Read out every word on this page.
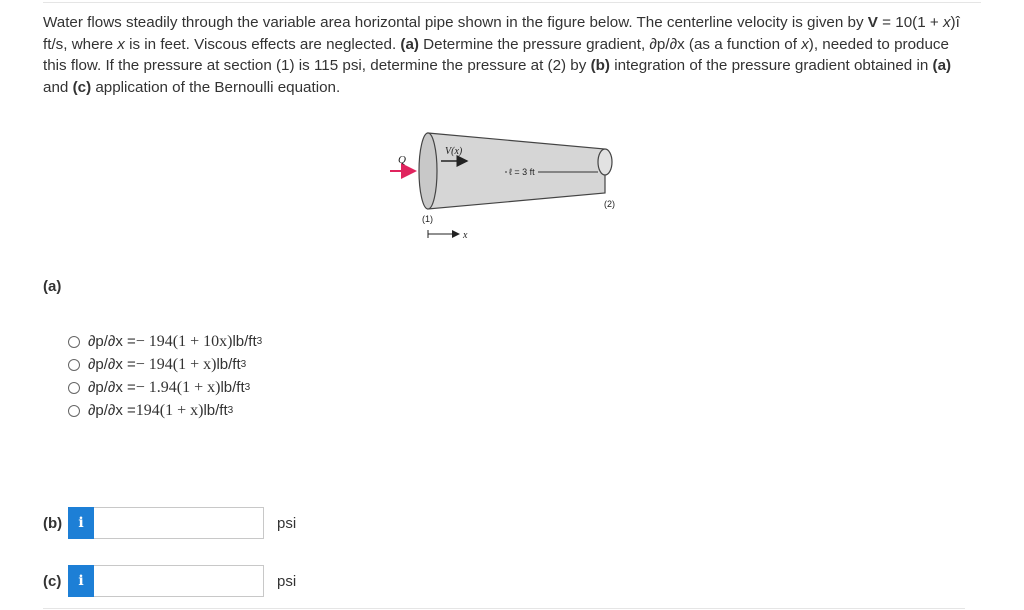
Water flows steadily through the variable area horizontal pipe shown in the figure below. The centerline velocity is given by V = 10(1 + x)î ft/s, where x is in feet. Viscous effects are neglected. (a) Determine the pressure gradient, ∂p/∂x (as a function of x), needed to produce this flow. If the pressure at section (1) is 115 psi, determine the pressure at (2) by (b) integration of the pressure gradient obtained in (a) and (c) application of the Bernoulli equation.
Q
V(x)
ℓ = 3 ft
(1)
(2)
x
(a)
∂p/∂x = − 194(1 + 10x) lb/ft 3
∂p/∂x = − 194(1 + x) lb/ft 3
∂p/∂x = − 1.94(1 + x) lb/ft 3
∂p/∂x = 194(1 + x) lb/ft 3
(b)	i	psi
(c)	i	psi
